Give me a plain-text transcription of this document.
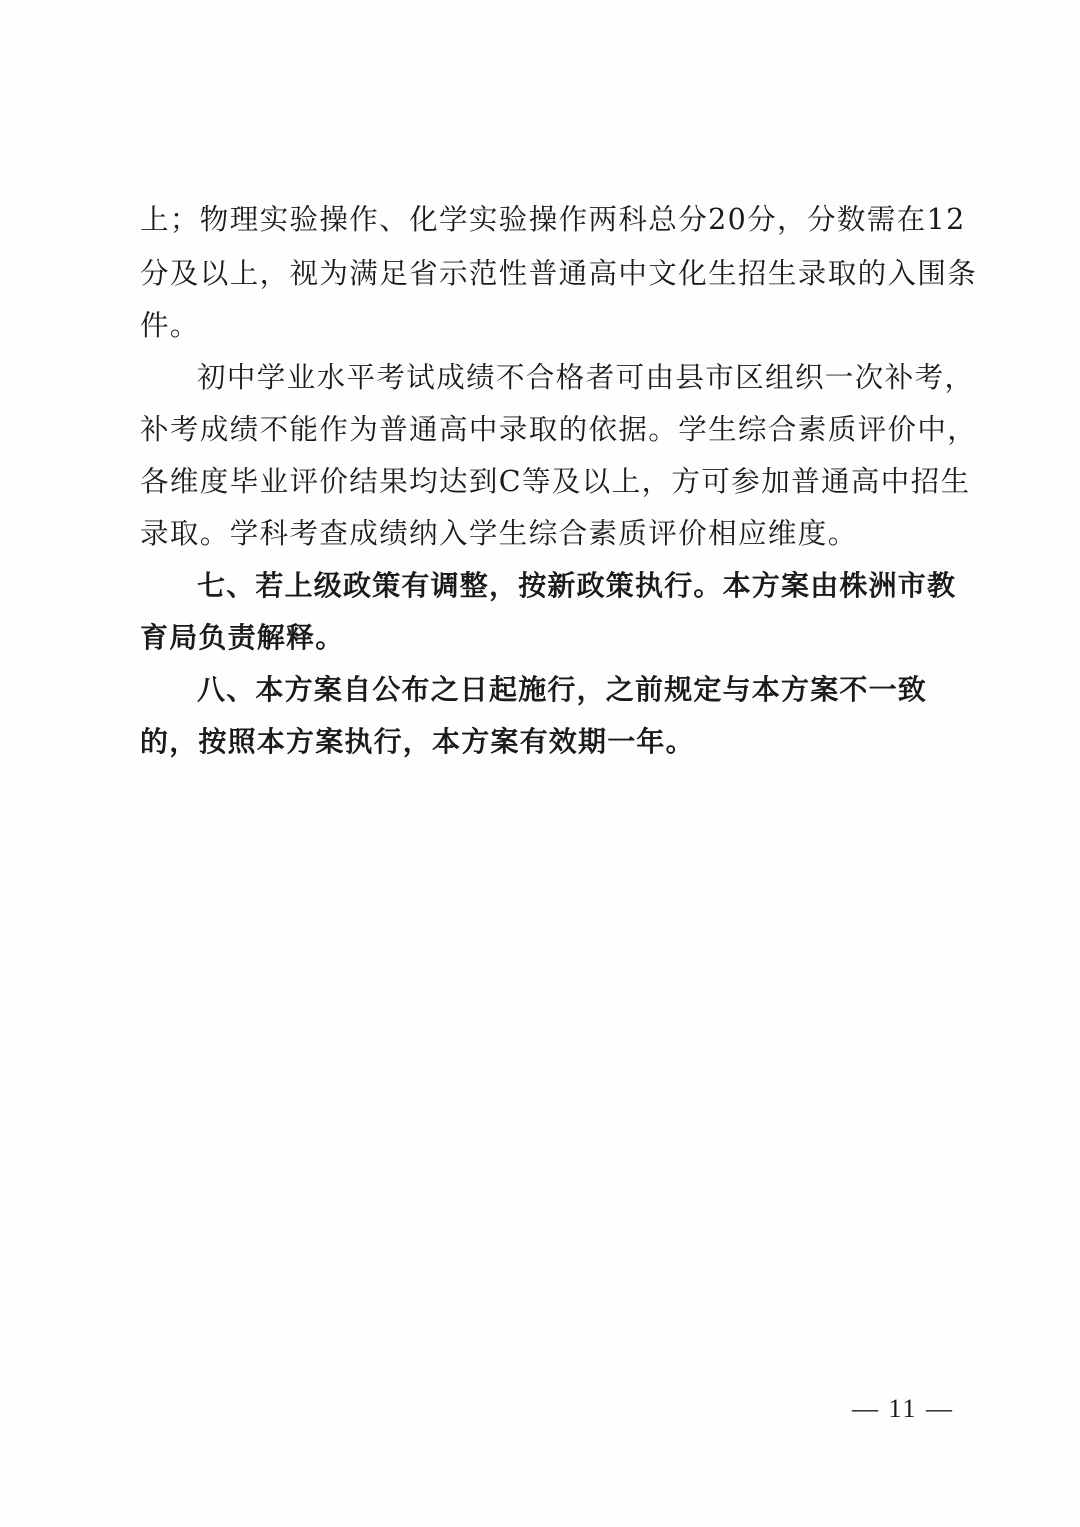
上；物理实验操作、化学实验操作两科总分20分，分数需在12
分及以上，视为满足省示范性普通高中文化生招生录取的入围条
件。
初中学业水平考试成绩不合格者可由县市区组织一次补考，
补考成绩不能作为普通高中录取的依据。学生综合素质评价中，
各维度毕业评价结果均达到C等及以上，方可参加普通高中招生
录取。学科考查成绩纳入学生综合素质评价相应维度。
七、若上级政策有调整，按新政策执行。本方案由株洲市教
育局负责解释。
八、本方案自公布之日起施行，之前规定与本方案不一致
的，按照本方案执行，本方案有效期一年。
— 11 —
